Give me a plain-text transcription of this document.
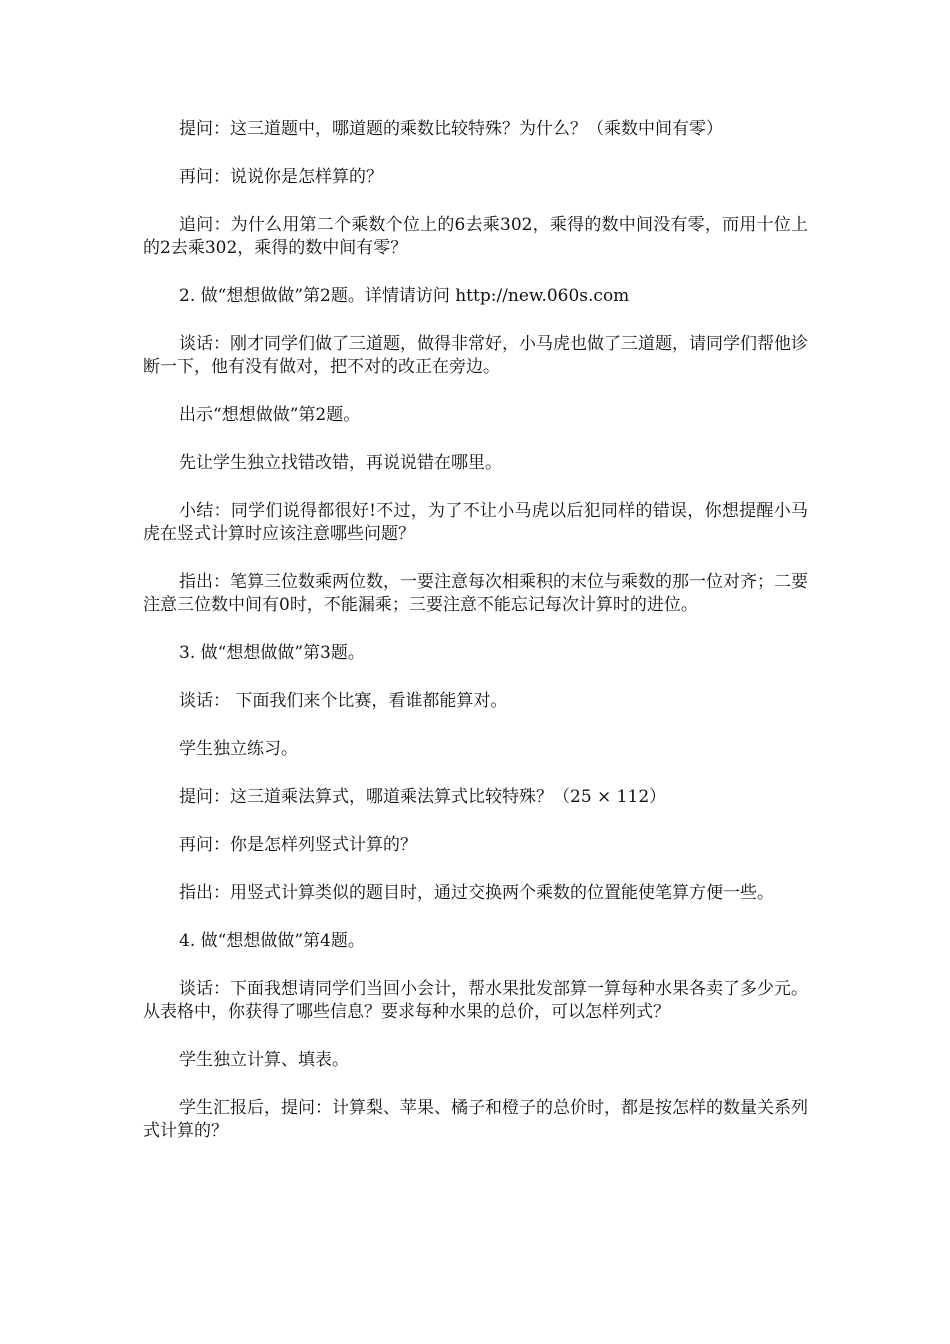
提问：这三道题中，哪道题的乘数比较特殊？为什么？（乘数中间有零）

再问：说说你是怎样算的？

追问：为什么用第二个乘数个位上的6去乘302，乘得的数中间没有零，而用十位上的2去乘302，乘得的数中间有零？

2. 做“想想做做”第2题。详情请访问 http://new.060s.com

谈话：刚才同学们做了三道题，做得非常好，小马虎也做了三道题，请同学们帮他诊断一下，他有没有做对，把不对的改正在旁边。

出示“想想做做”第2题。

先让学生独立找错改错，再说说错在哪里。

小结：同学们说得都很好!不过，为了不让小马虎以后犯同样的错误，你想提醒小马虎在竖式计算时应该注意哪些问题？

指出：笔算三位数乘两位数，一要注意每次相乘积的末位与乘数的那一位对齐；二要注意三位数中间有0时，不能漏乘；三要注意不能忘记每次计算时的进位。

3. 做“想想做做”第3题。

谈话： 下面我们来个比赛，看谁都能算对。

学生独立练习。

提问：这三道乘法算式，哪道乘法算式比较特殊？（25 × 112）

再问：你是怎样列竖式计算的？

指出：用竖式计算类似的题目时，通过交换两个乘数的位置能使笔算方便一些。

4. 做“想想做做”第4题。

谈话：下面我想请同学们当回小会计，帮水果批发部算一算每种水果各卖了多少元。从表格中，你获得了哪些信息？要求每种水果的总价，可以怎样列式？

学生独立计算、填表。

学生汇报后，提问：计算梨、苹果、橘子和橙子的总价时，都是按怎样的数量关系列式计算的？
